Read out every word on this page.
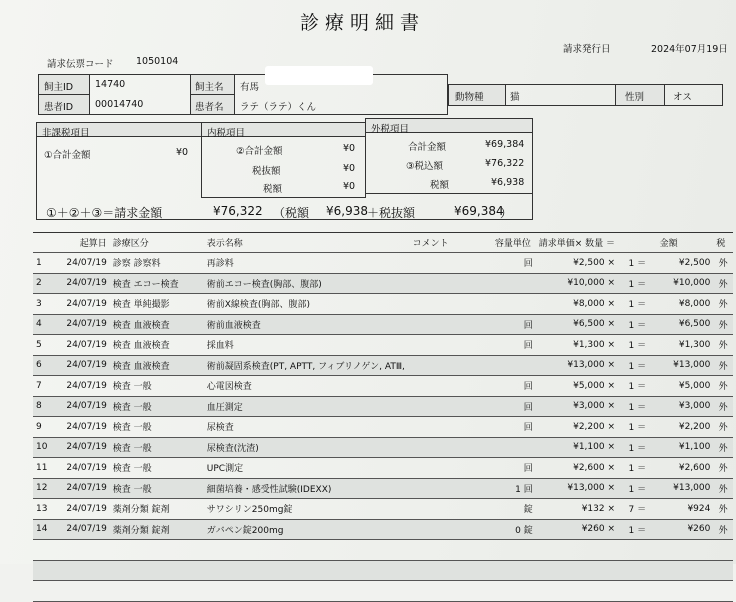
診療明細書
請求発行日	2024年07月19日
請求伝票コード 1050104
飼主ID 14740	飼主名 有馬
患者ID 00014740	患者名 ラテ（ラテ）くん
動物種	猫	性別	オス
非課税項目	内税項目	外税項目
①合計金額	¥0	②合計金額	¥0
税抜額	¥0
税額	¥0
合計金額	¥69,384
③税込額	¥76,322
税額	¥6,938
①＋②＋③＝請求金額	¥76,322 （税額 ¥6,938 ＋税抜額	¥69,384
）
	起算日	診療区分	表示名称	コメント	容量単位	請求単価× 数量 ＝		金額	税
1	24/07/19	診察 診察料	再診料		回	¥2,500 ×	1 ＝	¥2,500	外
2	24/07/19	検査 エコー検査	術前エコー検査(胸部、腹部)			¥10,000 ×	1 ＝	¥10,000	外
3	24/07/19	検査 単純撮影	術前X線検査(胸部、腹部)			¥8,000 ×	1 ＝	¥8,000	外
4	24/07/19	検査 血液検査	術前血液検査		回	¥6,500 ×	1 ＝	¥6,500	外
5	24/07/19	検査 血液検査	採血料		回	¥1,300 ×	1 ＝	¥1,300	外
6	24/07/19	検査 血液検査	術前凝固系検査(PT, APTT, フィブリノゲン, ATⅢ,			¥13,000 ×	1 ＝	¥13,000	外
7	24/07/19	検査 一般	心電図検査		回	¥5,000 ×	1 ＝	¥5,000	外
8	24/07/19	検査 一般	血圧測定		回	¥3,000 ×	1 ＝	¥3,000	外
9	24/07/19	検査 一般	尿検査		回	¥2,200 ×	1 ＝	¥2,200	外
10	24/07/19	検査 一般	尿検査(沈渣)			¥1,100 ×	1 ＝	¥1,100	外
11	24/07/19	検査 一般	UPC測定		回	¥2,600 ×	1 ＝	¥2,600	外
12	24/07/19	検査 一般	細菌培養・感受性試験(IDEXX)		1 回	¥13,000 ×	1 ＝	¥13,000	外
13	24/07/19	薬剤分類 錠剤	サワシリン250mg錠		錠	¥132 ×	7 ＝	¥924	外
14	24/07/19	薬剤分類 錠剤	ガバペン錠200mg		0 錠	¥260 ×	1 ＝	¥260	外
